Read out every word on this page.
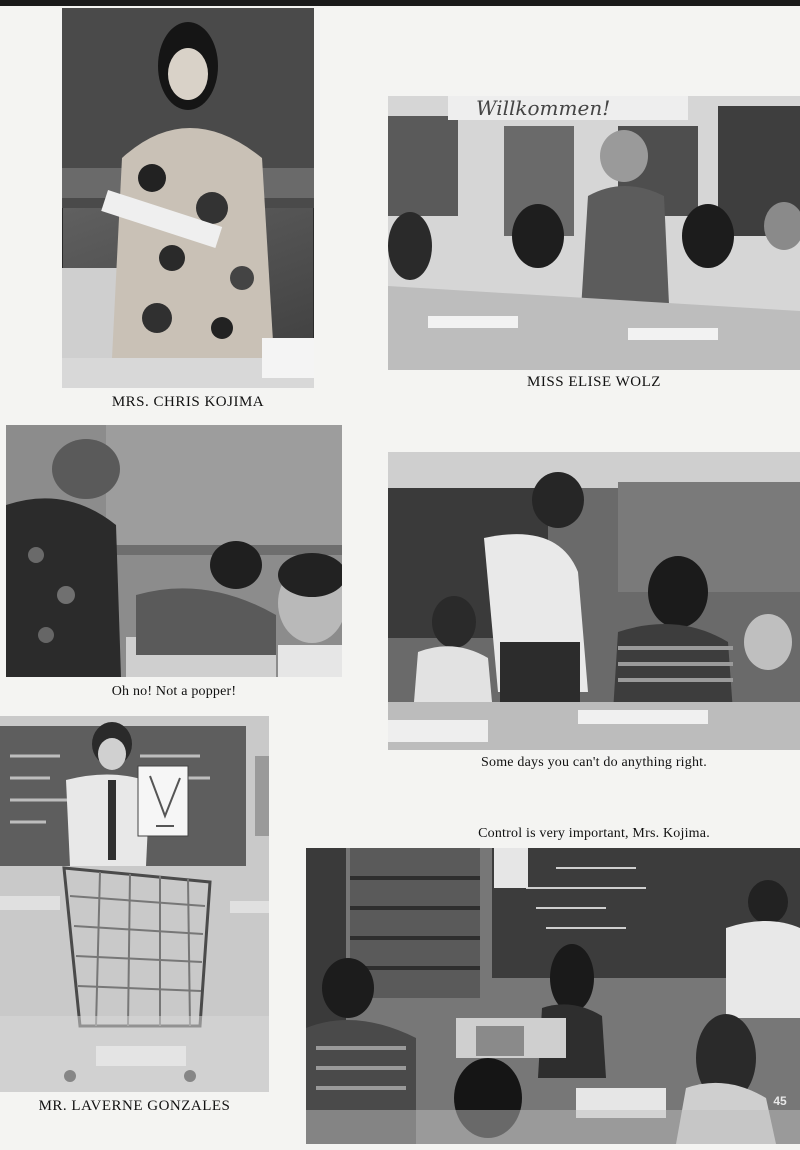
MRS. CHRIS KOJIMA
Willkommen!
MISS ELISE WOLZ
Oh no! Not a popper!
Some days you can't do anything right.
MR. LAVERNE GONZALES
Control is very important, Mrs. Kojima.
45
